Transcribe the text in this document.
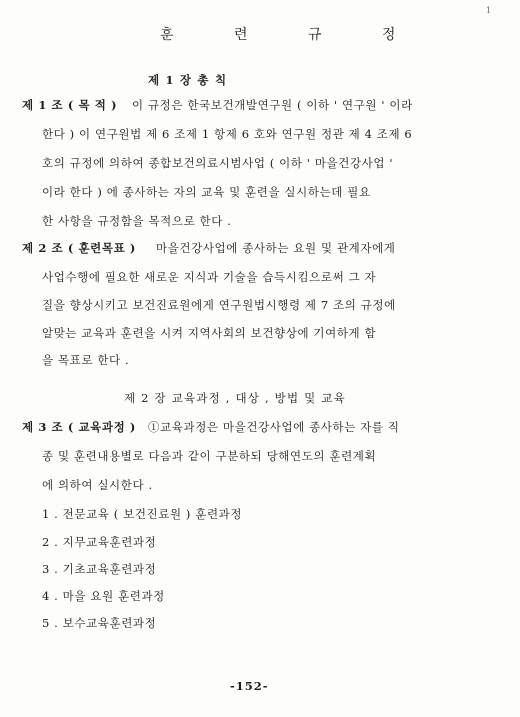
1
훈 련 규 정
제 1 장 총 칙
제 1 조 ( 목 적 ) 이 규정은 한국보건개발연구원 ( 이하 ' 연구원 ' 이라
한다 ) 이 연구원법 제 6 조제 1 항제 6 호와 연구원 정관 제 4 조제 6
호의 규정에 의하여 종합보건의료시범사업 ( 이하 ' 마을건강사업 '
이라 한다 ) 에 종사하는 자의 교육 및 훈련을 실시하는데 필요
한 사항을 규정함을 목적으로 한다 .
제 2 조 ( 훈련목표 ) 마을건강사업에 종사하는 요원 및 관계자에게
사업수행에 필요한 새로운 지식과 기술을 습득시킴으로써 그 자
질을 향상시키고 보건진료원에게 연구원법시행령 제 7 조의 규정에
알맞는 교육과 훈련을 시켜 지역사회의 보건향상에 기여하게 함
을 목표로 한다 .
제 2 장 교육과정 , 대상 , 방법 및 교육
제 3 조 ( 교육과정 ) ①교육과정은 마을건강사업에 종사하는 자를 직
종 및 훈련내용별로 다음과 같이 구분하되 당해연도의 훈련계획
에 의하여 실시한다 .
1 . 전문교육 ( 보건진료원 ) 훈련과정
2 . 지무교육훈련과정
3 . 기초교육훈련과정
4 . 마을 요원 훈련과정
5 . 보수교육훈련과정
-152-
